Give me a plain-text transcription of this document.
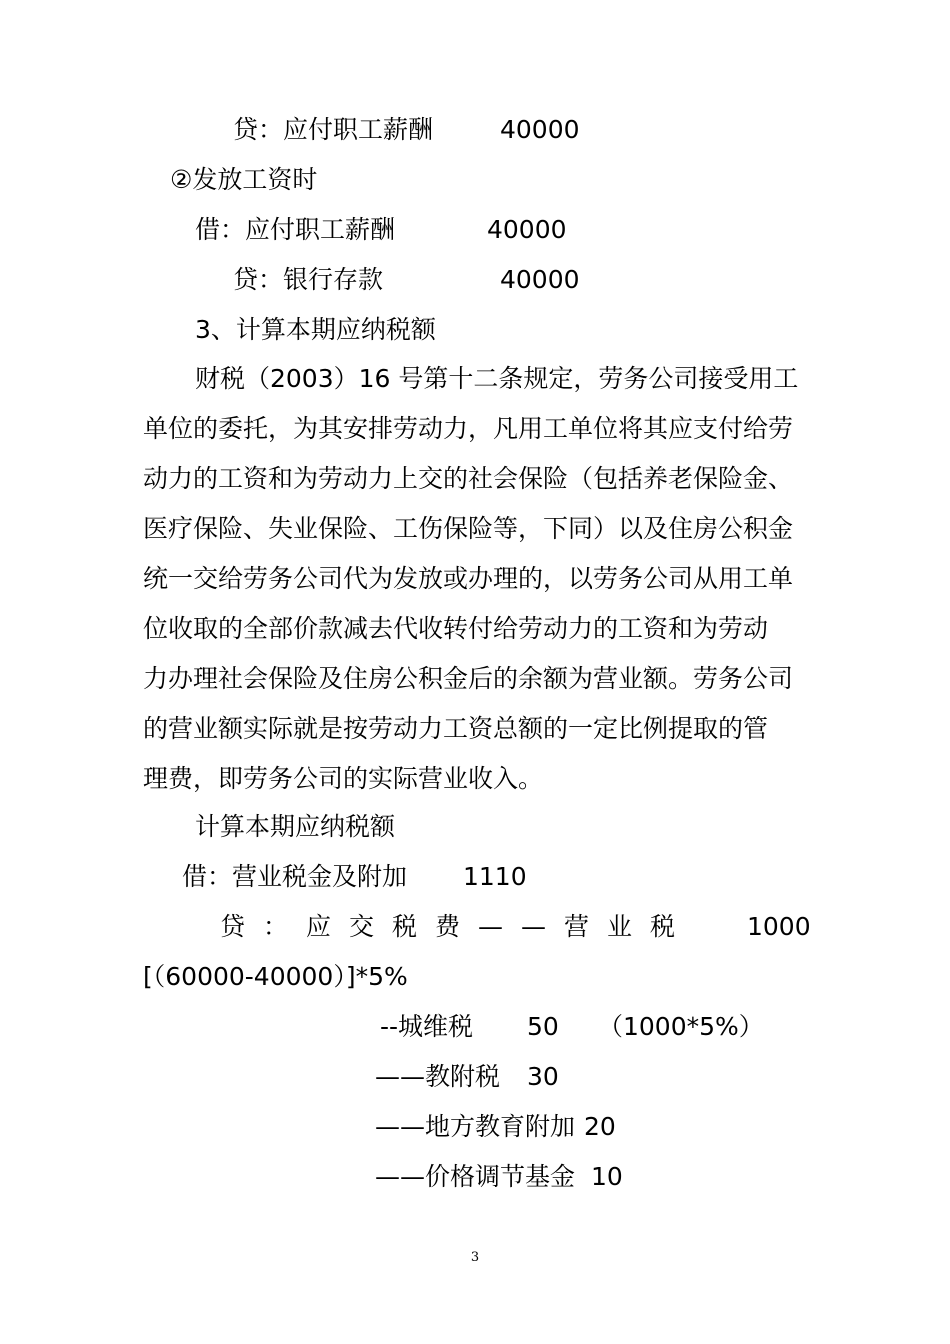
贷：应付职工薪酬	40000
②发放工资时
借：应付职工薪酬	40000
贷：银行存款	40000
3、计算本期应纳税额
财税（2003）16 号第十二条规定，劳务公司接受用工
单位的委托，为其安排劳动力，凡用工单位将其应支付给劳
动力的工资和为劳动力上交的社会保险（包括养老保险金、
医疗保险、失业保险、工伤保险等，下同）以及住房公积金
统一交给劳务公司代为发放或办理的，以劳务公司从用工单
位收取的全部价款减去代收转付给劳动力的工资和为劳动
力办理社会保险及住房公积金后的余额为营业额。劳务公司
的营业额实际就是按劳动力工资总额的一定比例提取的管
理费，即劳务公司的实际营业收入。
计算本期应纳税额
借：营业税金及附加 1110
贷：应交税费——营业税 1000
[（60000-40000）]*5%
--城维税 50 （1000*5%）
——教附税 30
——地方教育附加 20
——价格调节基金 10
3
